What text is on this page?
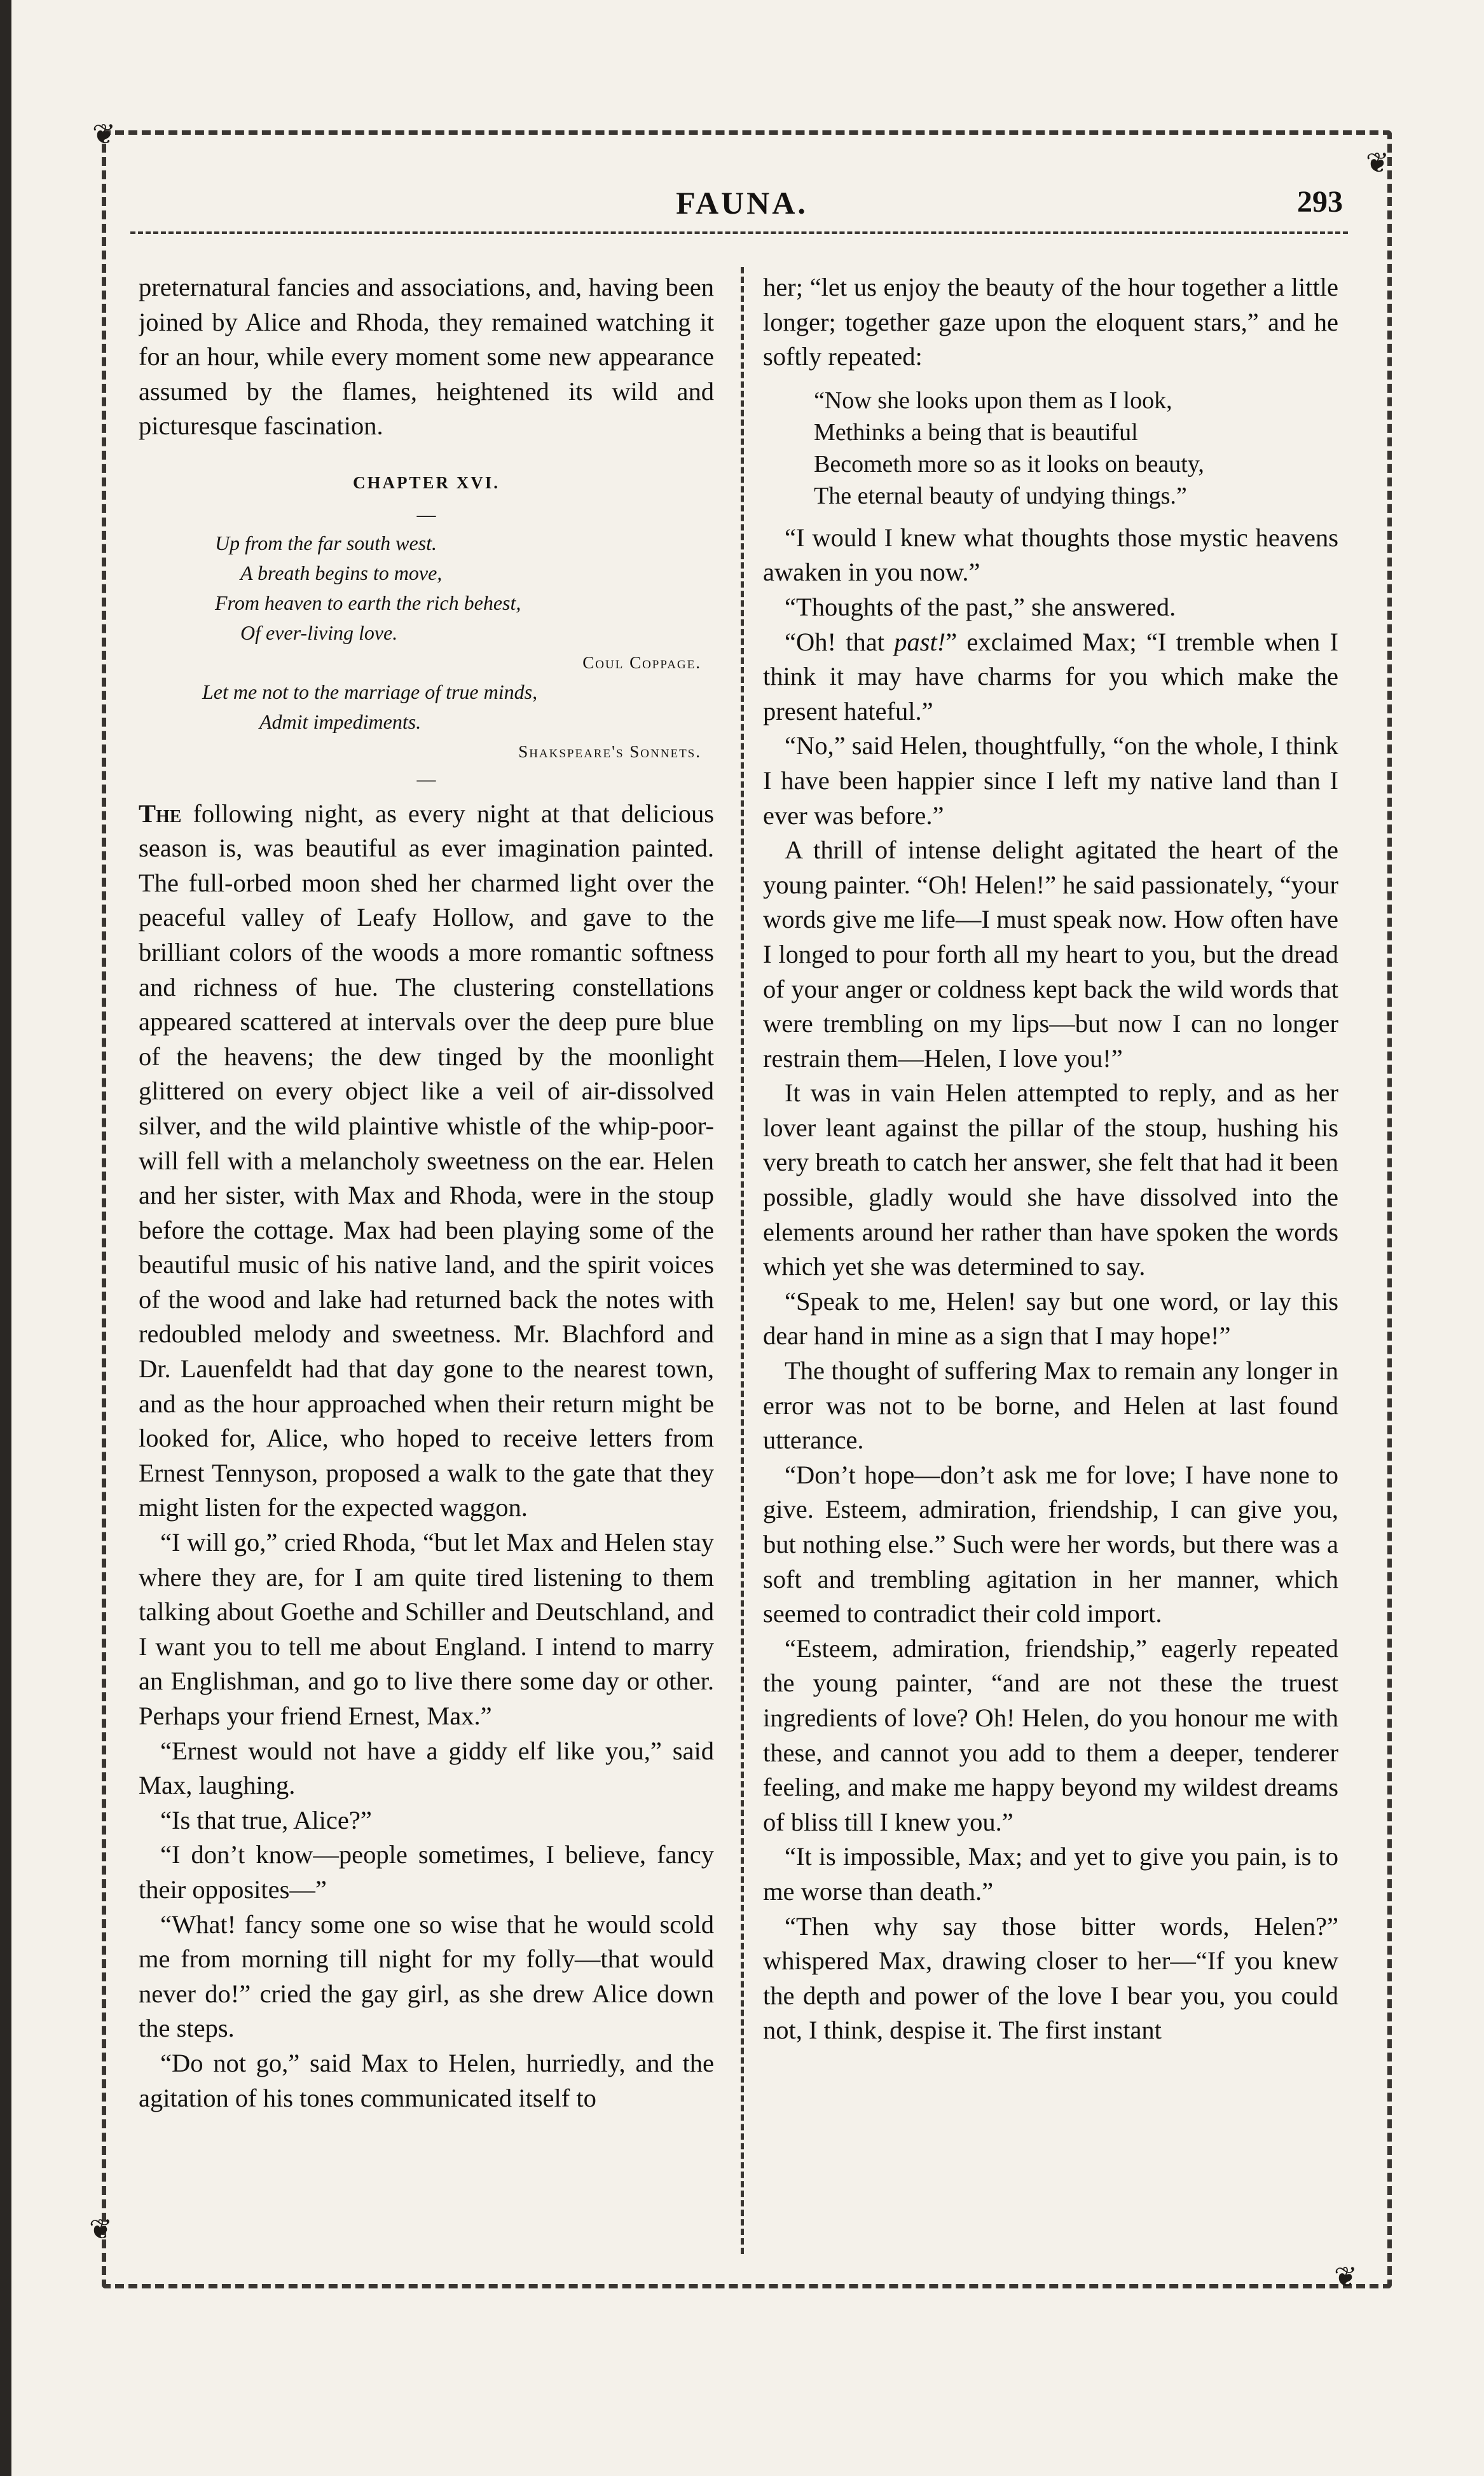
❦
❦
❦
❦
FAUNA.	293

preternatural fancies and associations, and, having been joined by Alice and Rhoda, they remained watching it for an hour, while every moment some new appearance assumed by the flames, heightened its wild and picturesque fascination.

CHAPTER XVI.
—
Up from the far south west.
A breath begins to move,
From heaven to earth the rich behest,
Of ever-living love.
Coul Coppage.
Let me not to the marriage of true minds,
Admit impediments.
Shakspeare's Sonnets.
—

The following night, as every night at that delicious season is, was beautiful as ever imagination painted. The full-orbed moon shed her charmed light over the peaceful valley of Leafy Hollow, and gave to the brilliant colors of the woods a more romantic softness and richness of hue. The clustering constellations appeared scattered at intervals over the deep pure blue of the heavens; the dew tinged by the moonlight glittered on every object like a veil of air-dissolved silver, and the wild plaintive whistle of the whip-poor-will fell with a melancholy sweetness on the ear. Helen and her sister, with Max and Rhoda, were in the stoup before the cottage. Max had been playing some of the beautiful music of his native land, and the spirit voices of the wood and lake had returned back the notes with redoubled melody and sweetness. Mr. Blachford and Dr. Lauenfeldt had that day gone to the nearest town, and as the hour approached when their return might be looked for, Alice, who hoped to receive letters from Ernest Tennyson, proposed a walk to the gate that they might listen for the expected waggon.

“I will go,” cried Rhoda, “but let Max and Helen stay where they are, for I am quite tired listening to them talking about Goethe and Schiller and Deutschland, and I want you to tell me about England. I intend to marry an Englishman, and go to live there some day or other. Perhaps your friend Ernest, Max.”

“Ernest would not have a giddy elf like you,” said Max, laughing.

“Is that true, Alice?”

“I don’t know—people sometimes, I believe, fancy their opposites—”

“What! fancy some one so wise that he would scold me from morning till night for my folly—that would never do!” cried the gay girl, as she drew Alice down the steps.

“Do not go,” said Max to Helen, hurriedly, and the agitation of his tones communicated itself to

her; “let us enjoy the beauty of the hour together a little longer; together gaze upon the eloquent stars,” and he softly repeated:

“Now she looks upon them as I look,
Methinks a being that is beautiful
Becometh more so as it looks on beauty,
The eternal beauty of undying things.”

“I would I knew what thoughts those mystic heavens awaken in you now.”

“Thoughts of the past,” she answered.

“Oh! that past!” exclaimed Max; “I tremble when I think it may have charms for you which make the present hateful.”

“No,” said Helen, thoughtfully, “on the whole, I think I have been happier since I left my native land than I ever was before.”

A thrill of intense delight agitated the heart of the young painter. “Oh! Helen!” he said passionately, “your words give me life—I must speak now. How often have I longed to pour forth all my heart to you, but the dread of your anger or coldness kept back the wild words that were trembling on my lips—but now I can no longer restrain them—Helen, I love you!”

It was in vain Helen attempted to reply, and as her lover leant against the pillar of the stoup, hushing his very breath to catch her answer, she felt that had it been possible, gladly would she have dissolved into the elements around her rather than have spoken the words which yet she was determined to say.

“Speak to me, Helen! say but one word, or lay this dear hand in mine as a sign that I may hope!”

The thought of suffering Max to remain any longer in error was not to be borne, and Helen at last found utterance.

“Don’t hope—don’t ask me for love; I have none to give. Esteem, admiration, friendship, I can give you, but nothing else.” Such were her words, but there was a soft and trembling agitation in her manner, which seemed to contradict their cold import.

“Esteem, admiration, friendship,” eagerly repeated the young painter, “and are not these the truest ingredients of love? Oh! Helen, do you honour me with these, and cannot you add to them a deeper, tenderer feeling, and make me happy beyond my wildest dreams of bliss till I knew you.”

“It is impossible, Max; and yet to give you pain, is to me worse than death.”

“Then why say those bitter words, Helen?” whispered Max, drawing closer to her—“If you knew the depth and power of the love I bear you, you could not, I think, despise it. The first instant
